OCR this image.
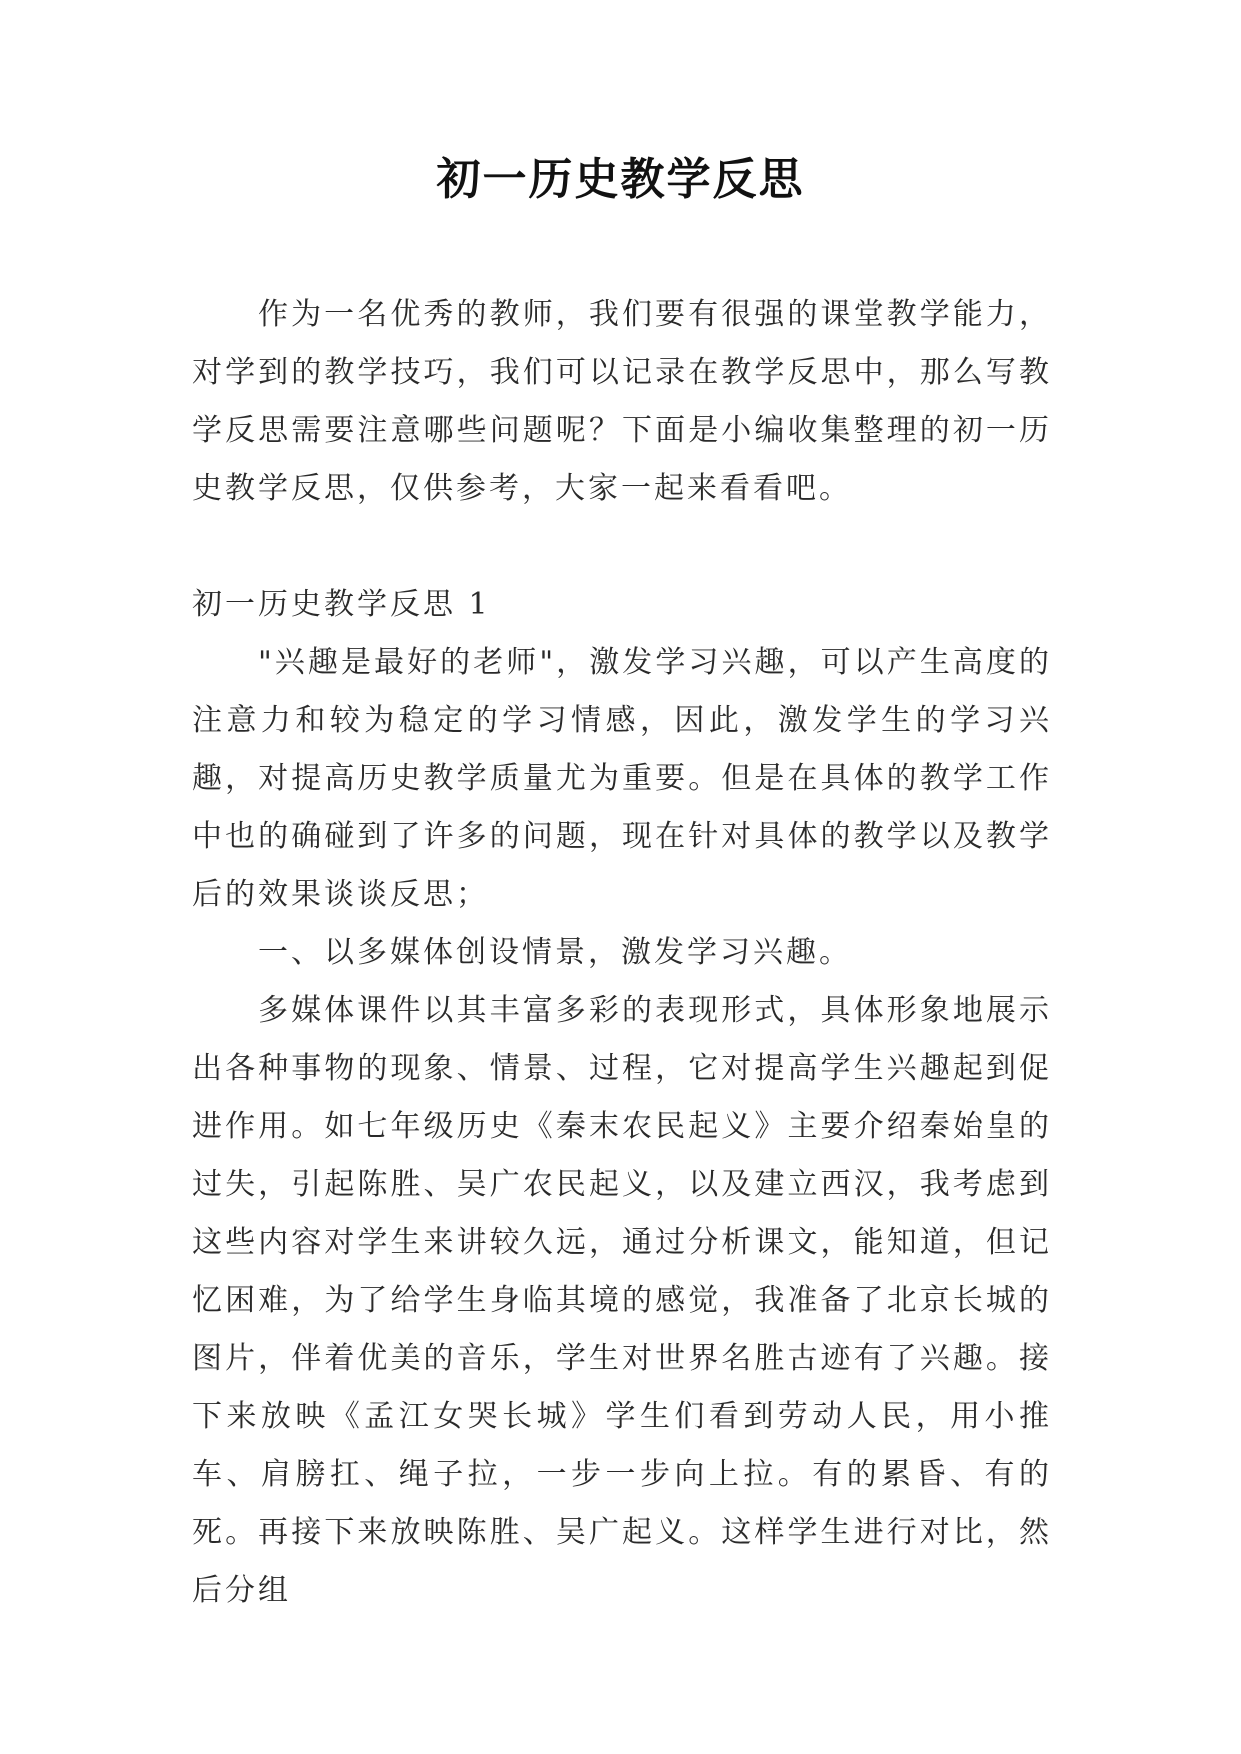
初一历史教学反思

作为一名优秀的教师，我们要有很强的课堂教学能力，对学到的教学技巧，我们可以记录在教学反思中，那么写教学反思需要注意哪些问题呢？下面是小编收集整理的初一历史教学反思，仅供参考，大家一起来看看吧。

初一历史教学反思 1

"兴趣是最好的老师"，激发学习兴趣，可以产生高度的注意力和较为稳定的学习情感，因此，激发学生的学习兴趣，对提高历史教学质量尤为重要。但是在具体的教学工作中也的确碰到了许多的问题，现在针对具体的教学以及教学后的效果谈谈反思；

一、以多媒体创设情景，激发学习兴趣。

多媒体课件以其丰富多彩的表现形式，具体形象地展示出各种事物的现象、情景、过程，它对提高学生兴趣起到促进作用。如七年级历史《秦末农民起义》主要介绍秦始皇的过失，引起陈胜、吴广农民起义，以及建立西汉，我考虑到这些内容对学生来讲较久远，通过分析课文，能知道，但记忆困难，为了给学生身临其境的感觉，我准备了北京长城的图片，伴着优美的音乐，学生对世界名胜古迹有了兴趣。接下来放映《孟江女哭长城》学生们看到劳动人民，用小推车、肩膀扛、绳子拉，一步一步向上拉。有的累昏、有的死。再接下来放映陈胜、吴广起义。这样学生进行对比，然后分组
